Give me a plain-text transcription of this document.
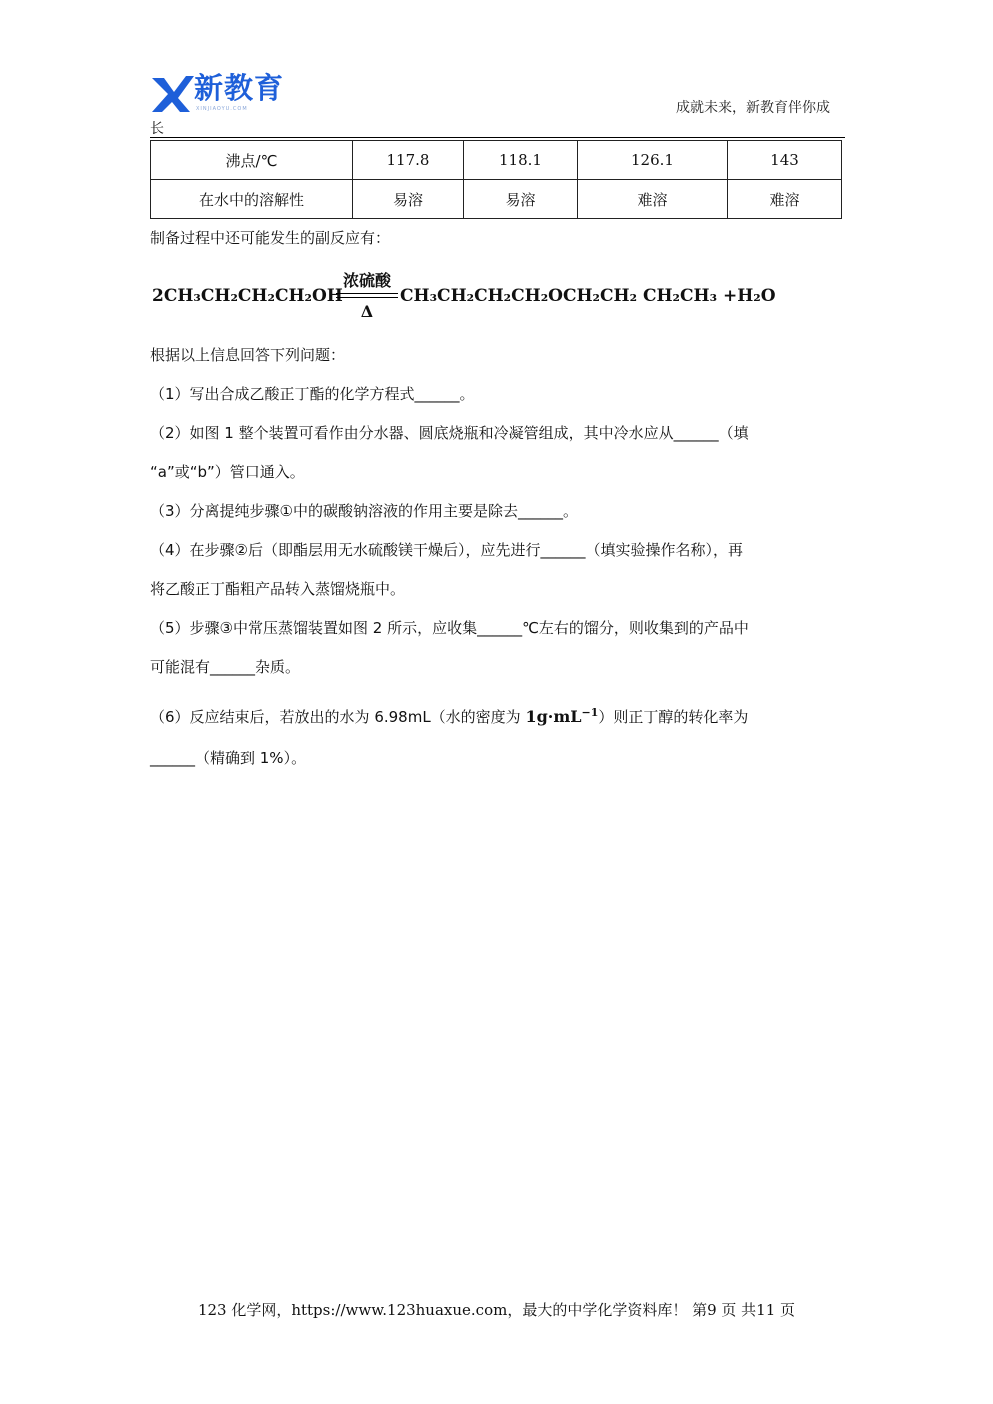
新教育
XINJIAOYU.COM	成就未来，新教育伴你成
长
沸点/℃	117.8	118.1	126.1	143
在水中的溶解性	易溶	易溶	难溶	难溶
制备过程中还可能发生的副反应有：
2CH₃CH₂CH₂CH₂OH
浓硫酸
Δ
CH₃CH₂CH₂CH₂OCH₂CH₂ CH₂CH₃ +H₂O
根据以上信息回答下列问题：
（1）写出合成乙酸正丁酯的化学方程式______。
（2）如图 1 整个装置可看作由分水器、圆底烧瓶和冷凝管组成，其中冷水应从______（填
“a”或“b”）管口通入。
（3）分离提纯步骤①中的碳酸钠溶液的作用主要是除去______。
（4）在步骤②后（即酯层用无水硫酸镁干燥后），应先进行______（填实验操作名称），再
将乙酸正丁酯粗产品转入蒸馏烧瓶中。
（5）步骤③中常压蒸馏装置如图 2 所示，应收集______℃左右的馏分，则收集到的产品中
可能混有______杂质。
（6）反应结束后，若放出的水为 6.98mL（水的密度为 $1g\cdot mL^{-1}$）则正丁醇的转化率为
______（精确到 1%）。
123 化学网，https://www.123huaxue.com，最大的中学化学资料库！ 第9 页 共11 页
